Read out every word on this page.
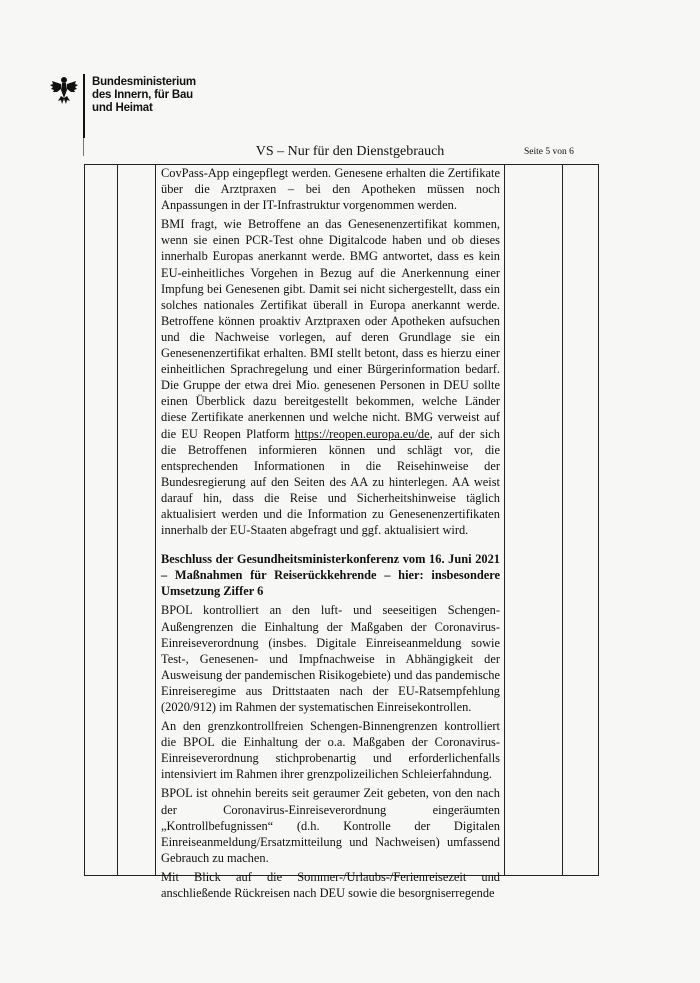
Bundesministerium
des Innern, für Bau
und Heimat
VS – Nur für den Dienstgebrauch	Seite 5 von 6

CovPass-App eingepflegt werden. Genesene erhalten die Zertifikate über die Arztpraxen – bei den Apotheken müssen noch Anpassungen in der IT-Infrastruktur vorgenommen werden.

BMI fragt, wie Betroffene an das Genesenenzertifikat kommen, wenn sie einen PCR-Test ohne Digitalcode haben und ob dieses innerhalb Europas anerkannt werde. BMG antwortet, dass es kein EU-einheitliches Vorgehen in Bezug auf die Anerkennung einer Impfung bei Genesenen gibt. Damit sei nicht sichergestellt, dass ein solches nationales Zertifikat überall in Europa anerkannt werde. Betroffene können proaktiv Arztpraxen oder Apotheken aufsuchen und die Nachweise vorlegen, auf deren Grundlage sie ein Genesenenzertifikat erhalten. BMI stellt betont, dass es hierzu einer einheitlichen Sprachregelung und einer Bürgerinformation bedarf. Die Gruppe der etwa drei Mio. genesenen Personen in DEU sollte einen Überblick dazu bereitgestellt bekommen, welche Länder diese Zertifikate anerkennen und welche nicht. BMG verweist auf die EU Reopen Platform https://reopen.europa.eu/de, auf der sich die Betroffenen informieren können und schlägt vor, die entsprechenden Informationen in die Reisehinweise der Bundesregierung auf den Seiten des AA zu hinterlegen. AA weist darauf hin, dass die Reise und Sicherheitshinweise täglich aktualisiert werden und die Information zu Genesenenzertifikaten innerhalb der EU-Staaten abgefragt und ggf. aktualisiert wird.

Beschluss der Gesundheitsministerkonferenz vom 16. Juni 2021 – Maßnahmen für Reiserückkehrende – hier: insbesondere Umsetzung Ziffer 6

BPOL kontrolliert an den luft- und seeseitigen Schengen-Außengrenzen die Einhaltung der Maßgaben der Coronavirus-Einreiseverordnung (insbes. Digitale Einreiseanmeldung sowie Test-, Genesenen- und Impfnachweise in Abhängigkeit der Ausweisung der pandemischen Risikogebiete) und das pandemische Einreiseregime aus Drittstaaten nach der EU-Ratsempfehlung (2020/912) im Rahmen der systematischen Einreisekontrollen.

An den grenzkontrollfreien Schengen-Binnengrenzen kontrolliert die BPOL die Einhaltung der o.a. Maßgaben der Coronavirus-Einreiseverordnung stichprobenartig und erforderlichenfalls intensiviert im Rahmen ihrer grenzpolizeilichen Schleierfahndung.

BPOL ist ohnehin bereits seit geraumer Zeit gebeten, von den nach der Coronavirus-Einreiseverordnung eingeräumten „Kontrollbefugnissen“ (d.h. Kontrolle der Digitalen Einreiseanmeldung/Ersatzmitteilung und Nachweisen) umfassend Gebrauch zu machen.

Mit Blick auf die Sommer-/Urlaubs-/Ferienreisezeit und anschließende Rückreisen nach DEU sowie die besorgniserregende
